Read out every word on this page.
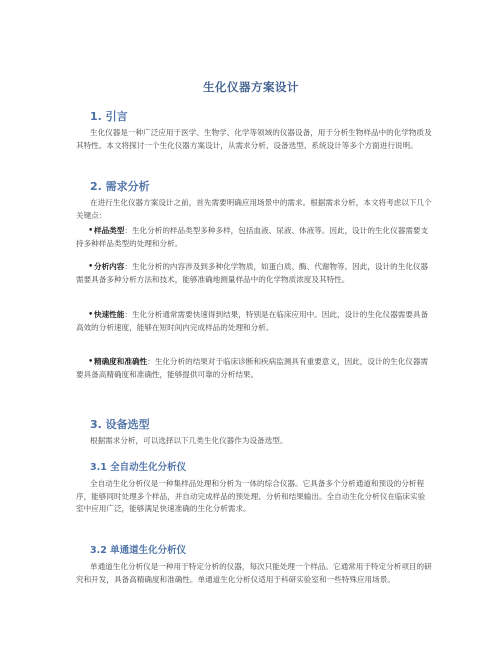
生化仪器方案设计
1. 引言

生化仪器是一种广泛应用于医学、生物学、化学等领域的仪器设备，用于分析生物样品中的化学物质及其特性。本文将探讨一个生化仪器方案设计，从需求分析、设备选型、系统设计等多个方面进行说明。

2. 需求分析

在进行生化仪器方案设计之前，首先需要明确应用场景中的需求。根据需求分析，本文将考虑以下几个关键点：

• 样品类型：生化分析的样品类型多种多样，包括血液、尿液、体液等。因此，设计的生化仪器需要支持多种样品类型的处理和分析。
• 分析内容：生化分析的内容涉及到多种化学物质，如蛋白质、酶、代谢物等。因此，设计的生化仪器需要具备多种分析方法和技术，能够准确地测量样品中的化学物质浓度及其特性。
• 快速性能：生化分析通常需要快速得到结果，特别是在临床应用中。因此，设计的生化仪器需要具备高效的分析速度，能够在短时间内完成样品的处理和分析。
• 精确度和准确性：生化分析的结果对于临床诊断和疾病监测具有重要意义，因此，设计的生化仪器需要具备高精确度和准确性，能够提供可靠的分析结果。
3. 设备选型

根据需求分析，可以选择以下几类生化仪器作为设备选型。

3.1 全自动生化分析仪

全自动生化分析仪是一种集样品处理和分析为一体的综合仪器。它具备多个分析通道和预设的分析程序，能够同时处理多个样品，并自动完成样品的预处理、分析和结果输出。全自动生化分析仪在临床实验室中应用广泛，能够满足快速准确的生化分析需求。

3.2 单通道生化分析仪

单通道生化分析仪是一种用于特定分析的仪器，每次只能处理一个样品。它通常用于特定分析项目的研究和开发，具备高精确度和准确性。单通道生化分析仪适用于科研实验室和一些特殊应用场景。
